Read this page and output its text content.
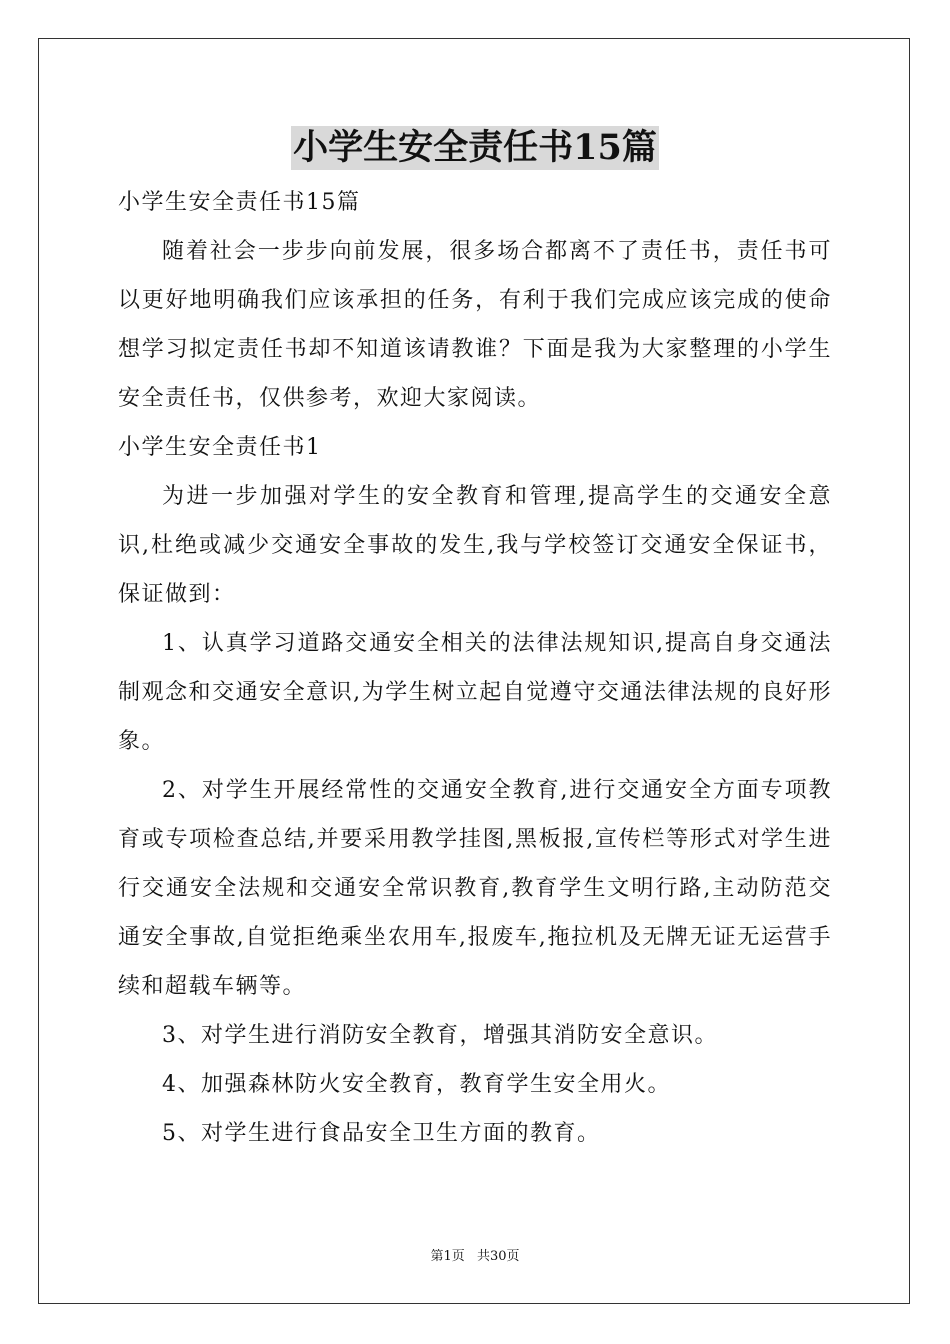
小学生安全责任书15篇

小学生安全责任书15篇

随着社会一步步向前发展，很多场合都离不了责任书，责任书可以更好地明确我们应该承担的任务，有利于我们完成应该完成的使命想学习拟定责任书却不知道该请教谁？下面是我为大家整理的小学生安全责任书，仅供参考，欢迎大家阅读。

小学生安全责任书1

为进一步加强对学生的安全教育和管理,提高学生的交通安全意识,杜绝或减少交通安全事故的发生,我与学校签订交通安全保证书，保证做到：

1、认真学习道路交通安全相关的法律法规知识,提高自身交通法制观念和交通安全意识,为学生树立起自觉遵守交通法律法规的良好形象。

2、对学生开展经常性的交通安全教育,进行交通安全方面专项教育或专项检查总结,并要采用教学挂图,黑板报,宣传栏等形式对学生进行交通安全法规和交通安全常识教育,教育学生文明行路,主动防范交通安全事故,自觉拒绝乘坐农用车,报废车,拖拉机及无牌无证无运营手续和超载车辆等。

3、对学生进行消防安全教育，增强其消防安全意识。

4、加强森林防火安全教育，教育学生安全用火。

5、对学生进行食品安全卫生方面的教育。

第1页 共30页
